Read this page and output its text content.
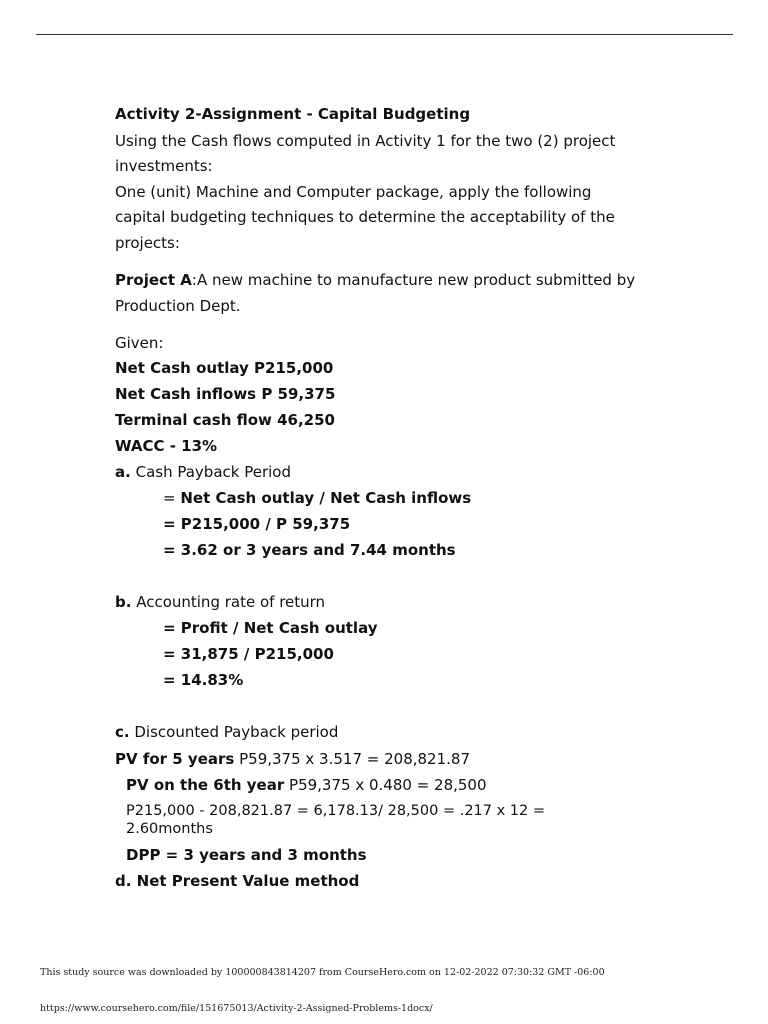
Activity 2-Assignment - Capital Budgeting
Using the Cash flows computed in Activity 1 for the two (2) project
investments:
One (unit) Machine and Computer package, apply the following
capital budgeting techniques to determine the acceptability of the
projects:
Project A:A new machine to manufacture new product submitted by
Production Dept.
Given:
Net Cash outlay P215,000
Net Cash inflows P 59,375
Terminal cash flow 46,250
WACC - 13%
a. Cash Payback Period
= Net Cash outlay / Net Cash inflows
= P215,000 / P 59,375
= 3.62 or 3 years and 7.44 months
b. Accounting rate of return
= Profit / Net Cash outlay
= 31,875 / P215,000
= 14.83%
c. Discounted Payback period
PV for 5 years P59,375 x 3.517 = 208,821.87
PV on the 6th year P59,375 x 0.480 = 28,500
P215,000 - 208,821.87 = 6,178.13/ 28,500 = .217 x 12 =
2.60months
DPP = 3 years and 3 months
d. Net Present Value method
This study source was downloaded by 100000843814207 from CourseHero.com on 12-02-2022 07:30:32 GMT -06:00
https://www.coursehero.com/file/151675013/Activity-2-Assigned-Problems-1docx/
